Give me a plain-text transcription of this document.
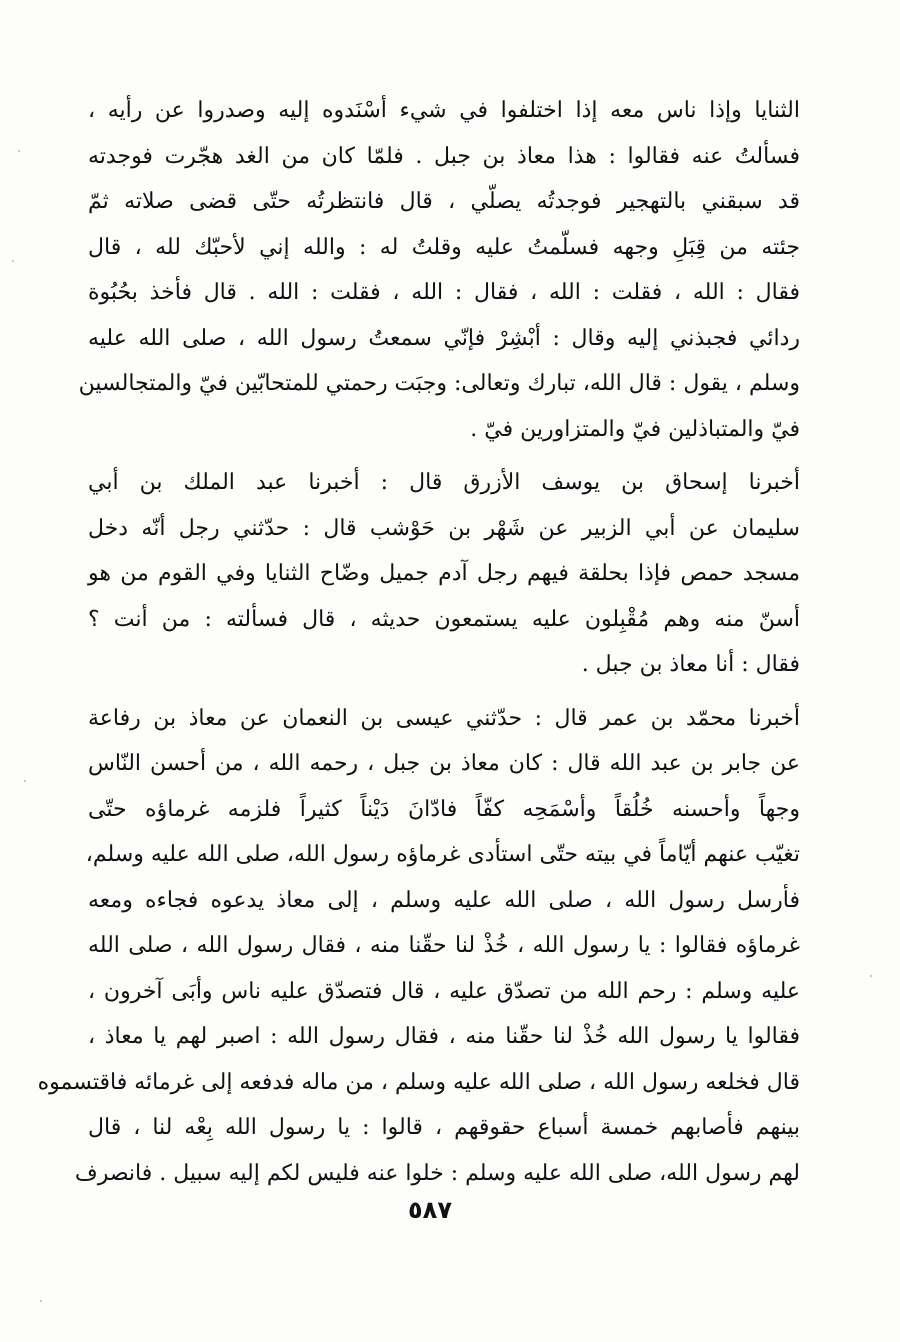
الثنايا وإذا ناس معه إذا اختلفوا في شيء أسْنَدوه إليه وصدروا عن رأيه ،
فسألتُ عنه فقالوا : هذا معاذ بن جبل . فلمّا كان من الغد هجّرت فوجدته
قد سبقني بالتهجير فوجدتُه يصلّي ، قال فانتظرتُه حتّى قضى صلاته ثمّ
جئته من قِبَلِ وجهه فسلّمتُ عليه وقلتُ له : والله إني لأحبّك لله ، قال
فقال : الله ، فقلت : الله ، فقال : الله ، فقلت : الله . قال فأخذ بحُبُوة
ردائي فجبذني إليه وقال : أبْشِرْ فإنّي سمعتُ رسول الله ، صلى الله عليه
وسلم ، يقول : قال الله، تبارك وتعالى: وجبَت رحمتي للمتحابّين فيّ والمتجالسين
فيّ والمتباذلين فيّ والمتزاورين فيّ .
أخبرنا إسحاق بن يوسف الأزرق قال : أخبرنا عبد الملك بن أبي
سليمان عن أبي الزبير عن شَهْر بن حَوْشب قال : حدّثني رجل أنّه دخل
مسجد حمص فإذا بحلقة فيهم رجل آدم جميل وضّاح الثنايا وفي القوم من هو
أسنّ منه وهم مُقْبِلون عليه يستمعون حديثه ، قال فسألته : من أنت ؟
فقال : أنا معاذ بن جبل .
أخبرنا محمّد بن عمر قال : حدّثني عيسى بن النعمان عن معاذ بن رفاعة
عن جابر بن عبد الله قال : كان معاذ بن جبل ، رحمه الله ، من أحسن النّاس
وجهاً وأحسنه خُلُقاً وأسْمَحِه كفّاً فادّانَ دَيْناً كثيراً فلزمه غرماؤه حتّى
تغيّب عنهم أيّاماً في بيته حتّى استأدى غرماؤه رسول الله، صلى الله عليه وسلم،
فأرسل رسول الله ، صلى الله عليه وسلم ، إلى معاذ يدعوه فجاءه ومعه
غرماؤه فقالوا : يا رسول الله ، خُذْ لنا حقّنا منه ، فقال رسول الله ، صلى الله
عليه وسلم : رحم الله من تصدّق عليه ، قال فتصدّق عليه ناس وأبَى آخرون ،
فقالوا يا رسول الله خُذْ لنا حقّنا منه ، فقال رسول الله : اصبر لهم يا معاذ ،
قال فخلعه رسول الله ، صلى الله عليه وسلم ، من ماله فدفعه إلى غرمائه فاقتسموه
بينهم فأصابهم خمسة أسباع حقوقهم ، قالوا : يا رسول الله بِعْه لنا ، قال
لهم رسول الله، صلى الله عليه وسلم : خلوا عنه فليس لكم إليه سبيل . فانصرف
٥٨٧
